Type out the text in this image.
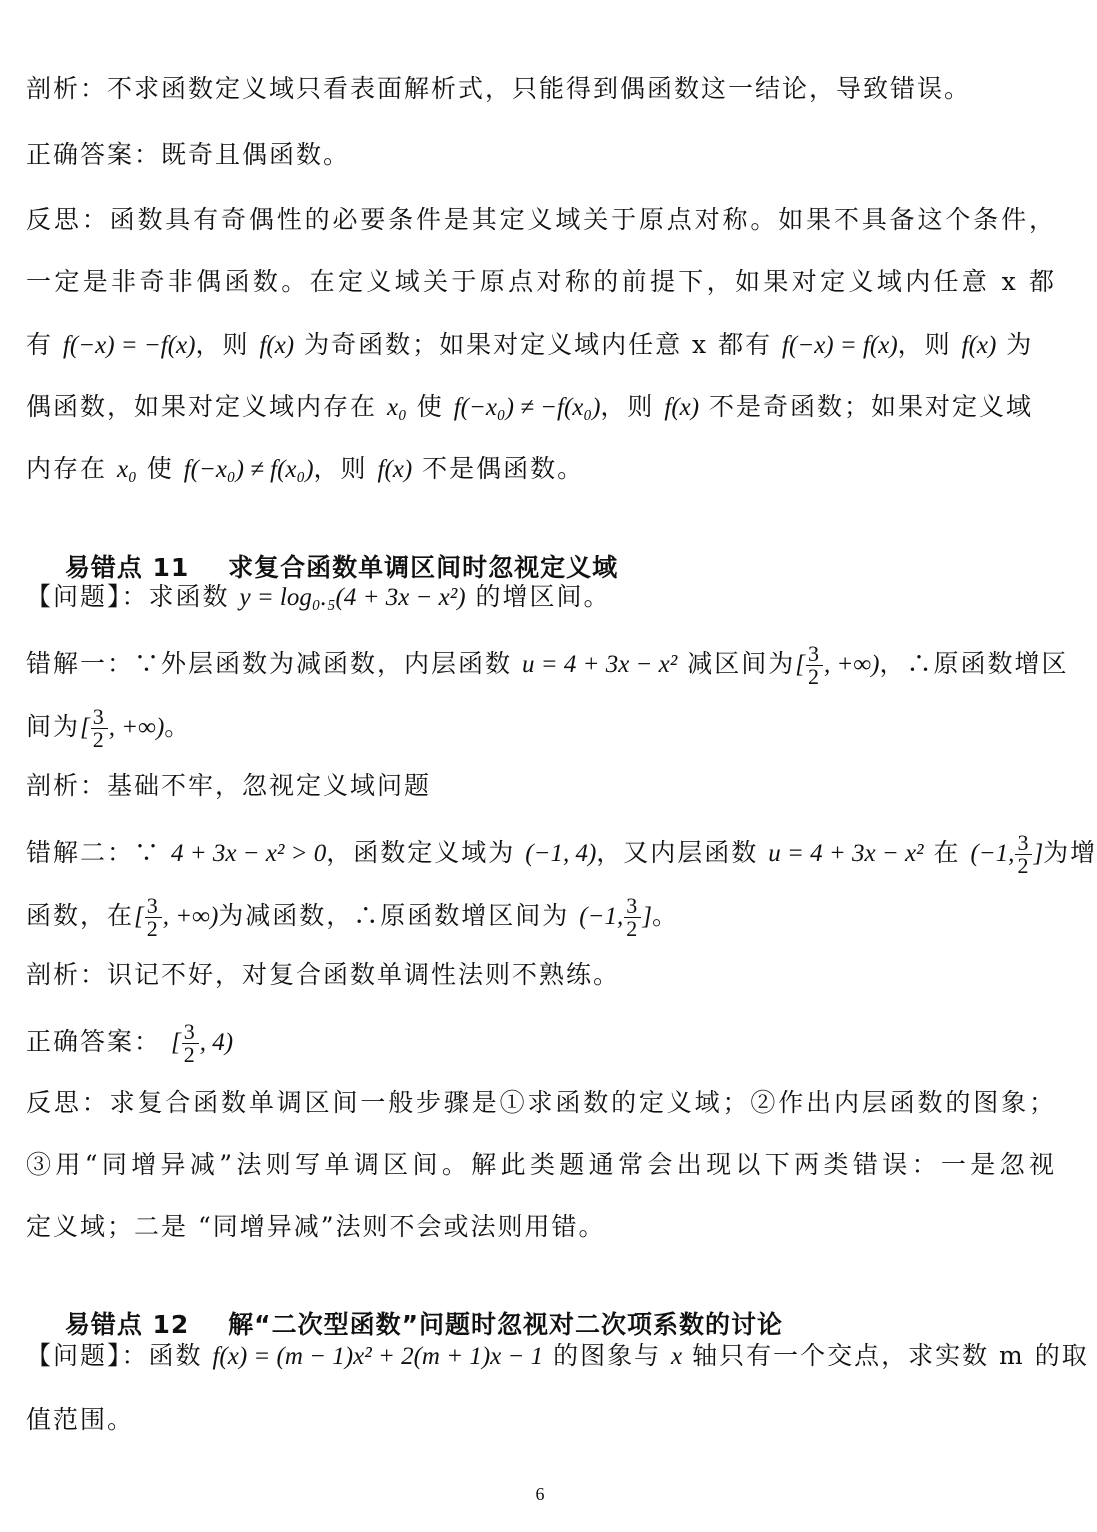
剖析：不求函数定义域只看表面解析式，只能得到偶函数这一结论，导致错误。
正确答案：既奇且偶函数。
反思：函数具有奇偶性的必要条件是其定义域关于原点对称。如果不具备这个条件，
一定是非奇非偶函数。在定义域关于原点对称的前提下，如果对定义域内任意 x 都
有 f(−x) = −f(x)，则 f(x) 为奇函数；如果对定义域内任意 x 都有 f(−x) = f(x)，则 f(x) 为
偶函数，如果对定义域内存在 x₀ 使 f(−x₀) ≠ −f(x₀)，则 f(x) 不是奇函数；如果对定义域
内存在 x₀ 使 f(−x₀) ≠ f(x₀)，则 f(x) 不是偶函数。

易错点 11    求复合函数单调区间时忽视定义域

【问题】：求函数 y = log₀.₅(4 + 3x − x²) 的增区间。
错解一：∵外层函数为减函数，内层函数 u = 4 + 3x − x² 减区间为[ $\frac{3}{2}$ , +∞)，∴原函数增区
间为[ $\frac{3}{2}$ , +∞)。
剖析：基础不牢，忽视定义域问题
错解二：∵ 4 + 3x − x² > 0，函数定义域为 (−1, 4)，又内层函数 u = 4 + 3x − x² 在 (−1, $\frac{3}{2}$ ]为增
函数，在[ $\frac{3}{2}$ , +∞)为减函数，∴原函数增区间为 (−1, $\frac{3}{2}$ ]。
剖析：识记不好，对复合函数单调性法则不熟练。
正确答案： [ $\frac{3}{2}$ , 4)
反思：求复合函数单调区间一般步骤是①求函数的定义域；②作出内层函数的图象；
③用“同增异减”法则写单调区间。解此类题通常会出现以下两类错误：一是忽视
定义域；二是 “同增异减”法则不会或法则用错。

易错点 12    解“二次型函数”问题时忽视对二次项系数的讨论

【问题】：函数 f(x) = (m − 1)x² + 2(m + 1)x − 1 的图象与 x 轴只有一个交点，求实数 m 的取
值范围。
6
